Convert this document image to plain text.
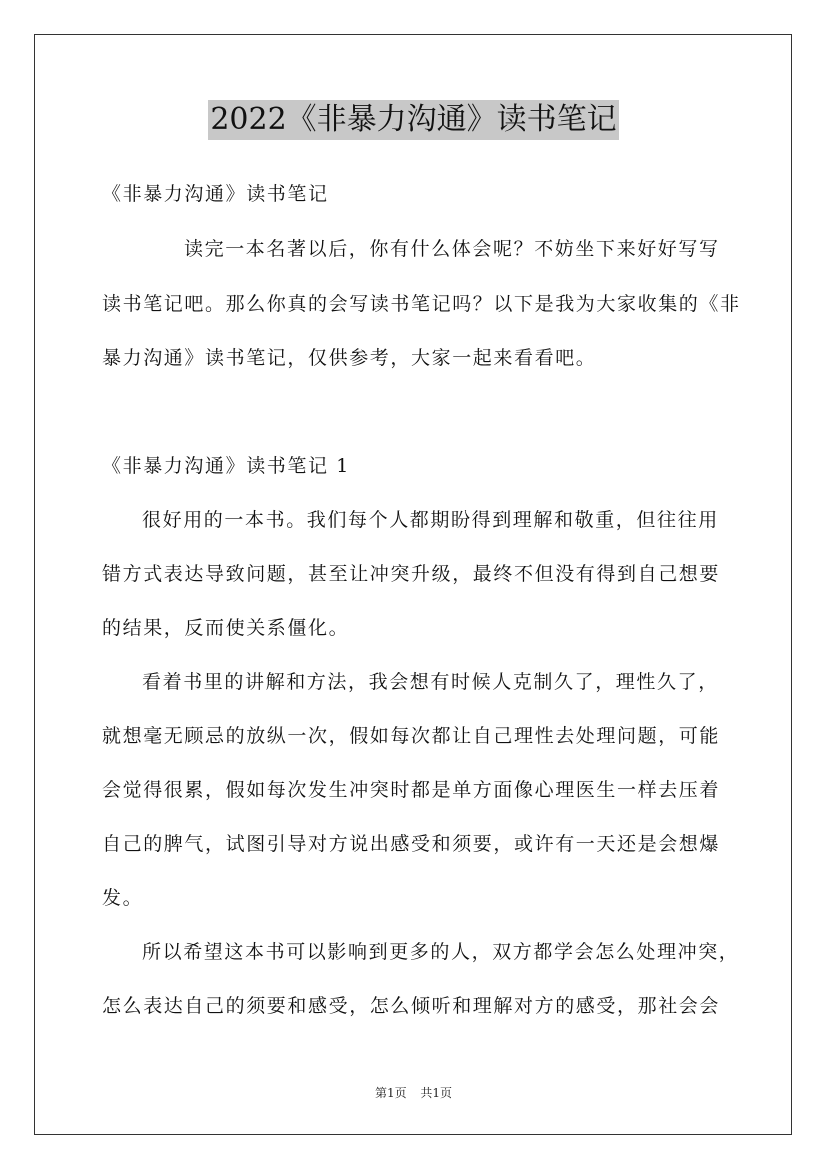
2022《非暴力沟通》读书笔记
《非暴力沟通》读书笔记
读完一本名著以后，你有什么体会呢？不妨坐下来好好写写
读书笔记吧。那么你真的会写读书笔记吗？以下是我为大家收集的《非
暴力沟通》读书笔记，仅供参考，大家一起来看看吧。
《非暴力沟通》读书笔记 1
很好用的一本书。我们每个人都期盼得到理解和敬重，但往往用
错方式表达导致问题，甚至让冲突升级，最终不但没有得到自己想要
的结果，反而使关系僵化。
看着书里的讲解和方法，我会想有时候人克制久了，理性久了，
就想毫无顾忌的放纵一次，假如每次都让自己理性去处理问题，可能
会觉得很累，假如每次发生冲突时都是单方面像心理医生一样去压着
自己的脾气，试图引导对方说出感受和须要，或许有一天还是会想爆
发。
所以希望这本书可以影响到更多的人，双方都学会怎么处理冲突，
怎么表达自己的须要和感受，怎么倾听和理解对方的感受，那社会会
第1页 共1页
